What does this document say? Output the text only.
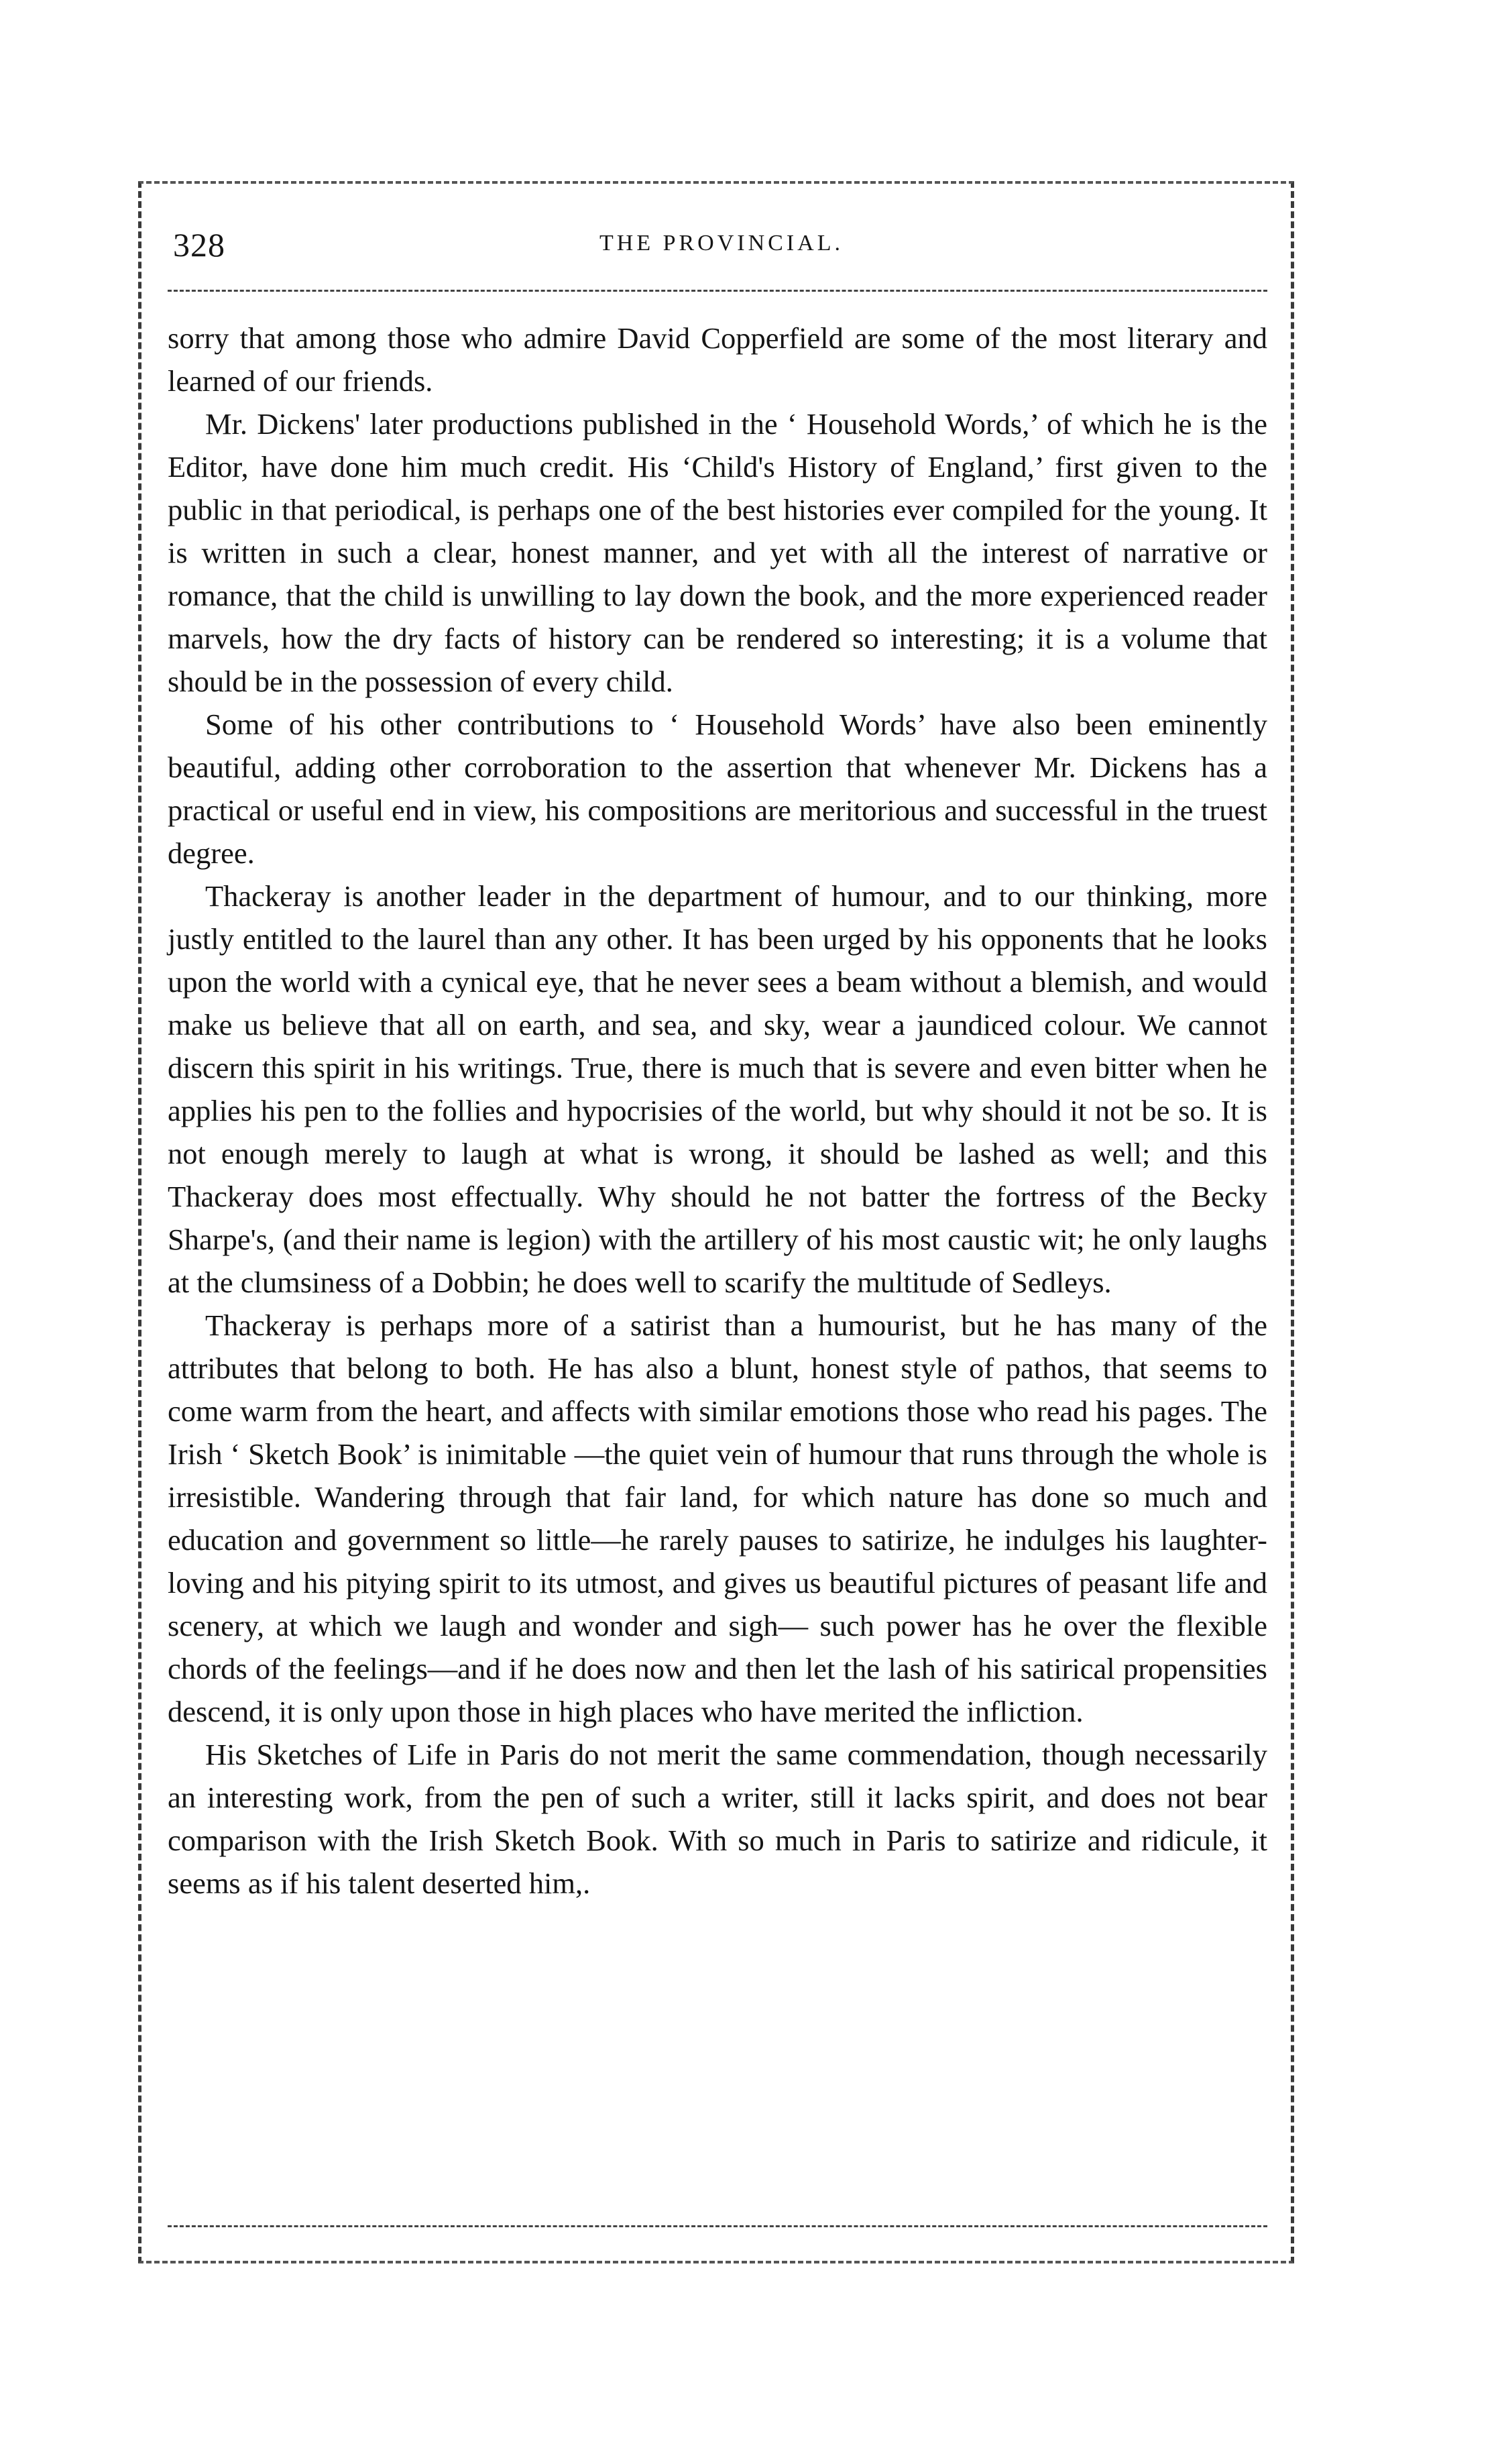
328	THE PROVINCIAL.

sorry that among those who admire David Copperfield are some of the most literary and learned of our friends.

Mr. Dickens' later productions published in the ‘ Household Words,’ of which he is the Editor, have done him much credit. His ‘Child's History of England,’ first given to the public in that periodical, is perhaps one of the best histories ever compiled for the young. It is written in such a clear, honest manner, and yet with all the interest of narrative or romance, that the child is unwilling to lay down the book, and the more experienced reader marvels, how the dry facts of history can be rendered so interesting; it is a volume that should be in the possession of every child.

Some of his other contributions to ‘ Household Words’ have also been eminently beautiful, adding other corroboration to the assertion that whenever Mr. Dickens has a practical or useful end in view, his compositions are meritorious and successful in the truest degree.

Thackeray is another leader in the department of humour, and to our thinking, more justly entitled to the laurel than any other. It has been urged by his opponents that he looks upon the world with a cynical eye, that he never sees a beam without a blemish, and would make us believe that all on earth, and sea, and sky, wear a jaundiced colour. We cannot discern this spirit in his writings. True, there is much that is severe and even bitter when he applies his pen to the follies and hypocrisies of the world, but why should it not be so. It is not enough merely to laugh at what is wrong, it should be lashed as well; and this Thackeray does most effectually. Why should he not batter the fortress of the Becky Sharpe's, (and their name is legion) with the artillery of his most caustic wit; he only laughs at the clumsiness of a Dobbin; he does well to scarify the multitude of Sedleys.

Thackeray is perhaps more of a satirist than a humourist, but he has many of the attributes that belong to both. He has also a blunt, honest style of pathos, that seems to come warm from the heart, and affects with similar emotions those who read his pages. The Irish ‘ Sketch Book’ is inimitable —the quiet vein of humour that runs through the whole is irresistible. Wandering through that fair land, for which nature has done so much and education and government so little—he rarely pauses to satirize, he indulges his laughter-loving and his pitying spirit to its utmost, and gives us beautiful pictures of peasant life and scenery, at which we laugh and wonder and sigh— such power has he over the flexible chords of the feelings—and if he does now and then let the lash of his satirical propensities descend, it is only upon those in high places who have merited the infliction.

His Sketches of Life in Paris do not merit the same commendation, though necessarily an interesting work, from the pen of such a writer, still it lacks spirit, and does not bear comparison with the Irish Sketch Book. With so much in Paris to satirize and ridicule, it seems as if his talent deserted him,.
